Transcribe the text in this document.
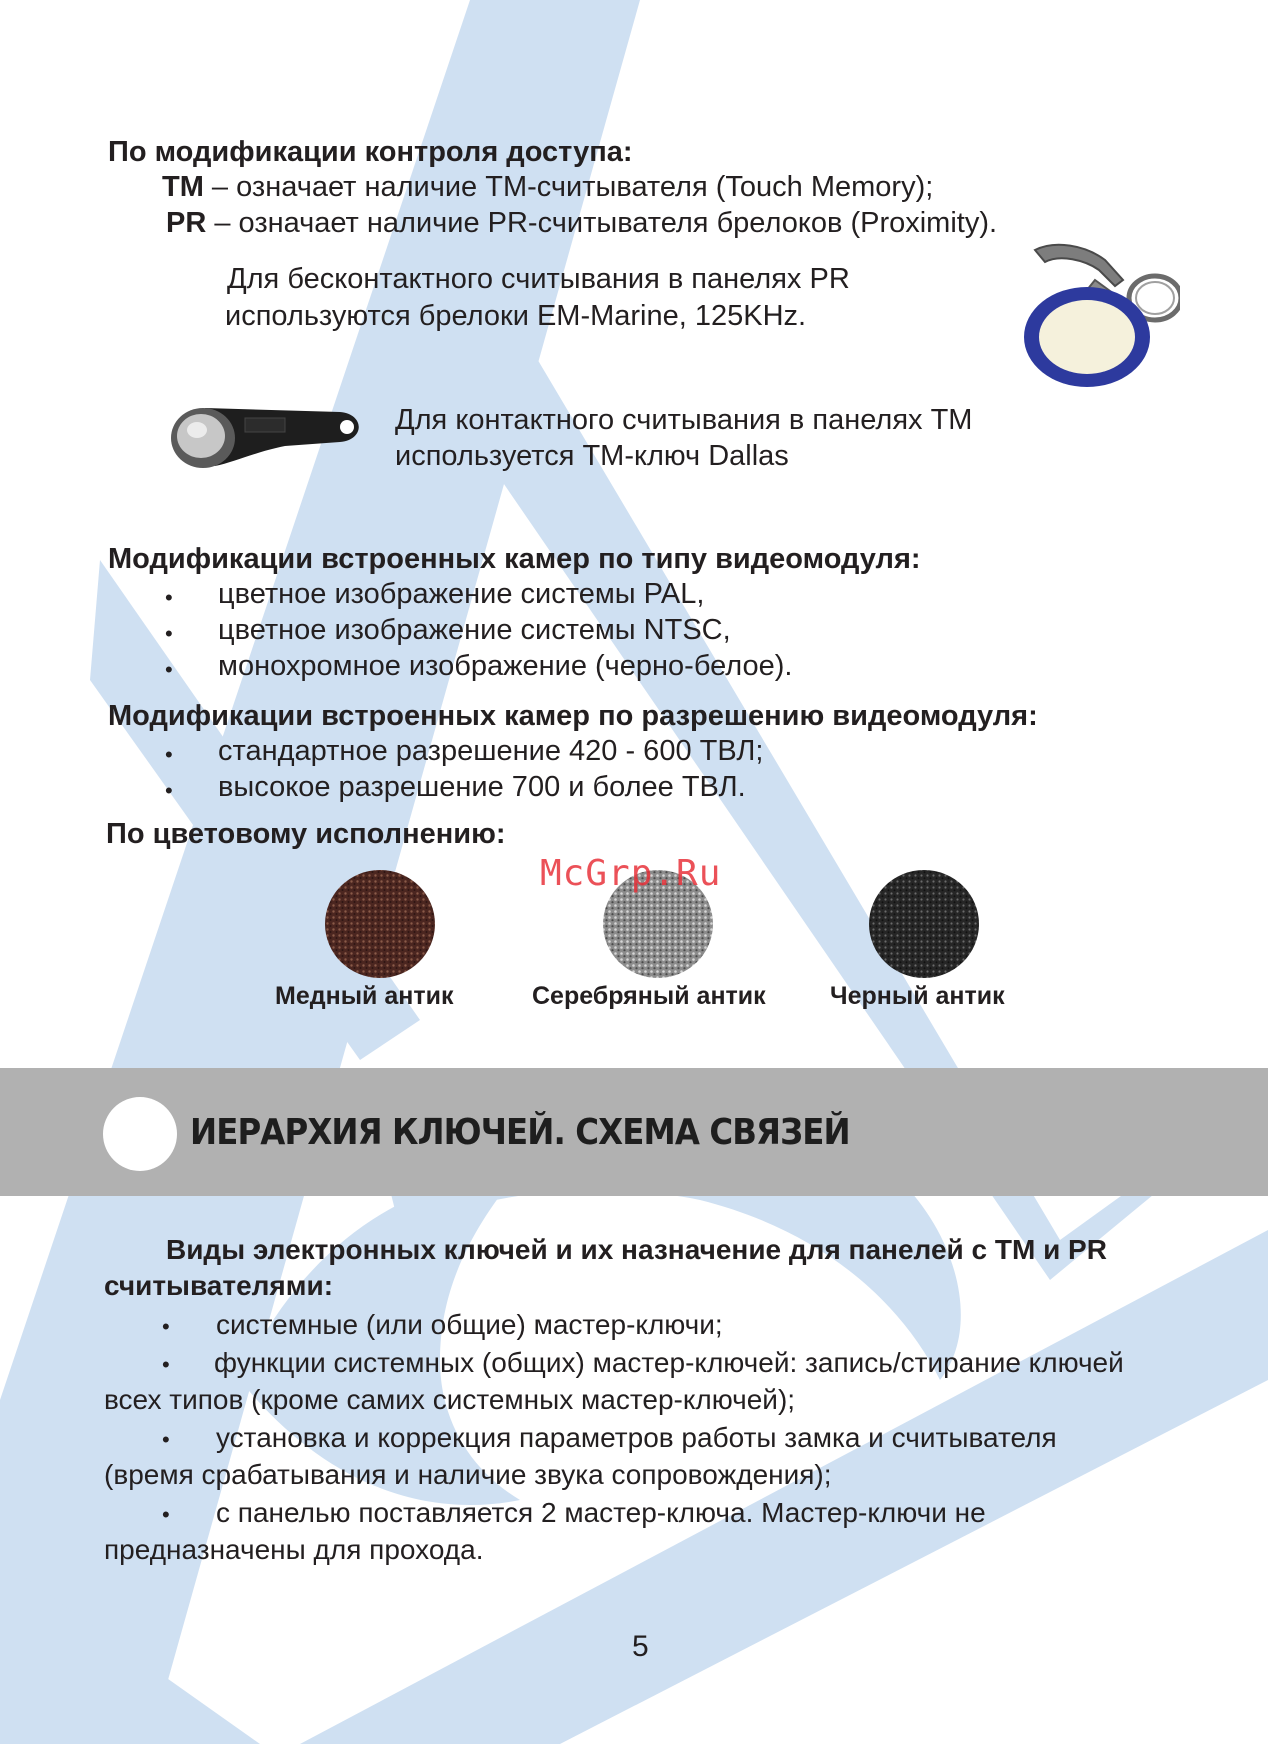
По модификации контроля доступа:
TM – означает наличие TM-считывателя (Touch Memory);
PR – означает наличие PR-считывателя брелоков (Proximity).
Для бесконтактного считывания в панелях PR
используются брелоки EM-Marine, 125KHz.
Для контактного считывания в панелях TM
используется TM-ключ Dallas
Модификации встроенных камер по типу видеомодуля:
• цветное изображение системы PAL,
• цветное изображение системы NTSC,
• монохромное изображение (черно-белое).
Модификации встроенных камер по разрешению видеомодуля:
• стандартное разрешение 420 - 600 ТВЛ;
• высокое разрешение 700 и более ТВЛ.
По цветовому исполнению:
McGrp.Ru
Медный антик	Серебряный антик	Черный антик
ИЕРАРХИЯ КЛЮЧЕЙ. СХЕМА СВЯЗЕЙ
Виды электронных ключей и их назначение для панелей с TM и PR
считывателями:
• системные (или общие) мастер-ключи;
• функции системных (общих) мастер-ключей: запись/стирание ключей
всех типов (кроме самих системных мастер-ключей);
• установка и коррекция параметров работы замка и считывателя
(время срабатывания и наличие звука сопровождения);
• с панелью поставляется 2 мастер-ключа. Мастер-ключи не
предназначены для прохода.
5
